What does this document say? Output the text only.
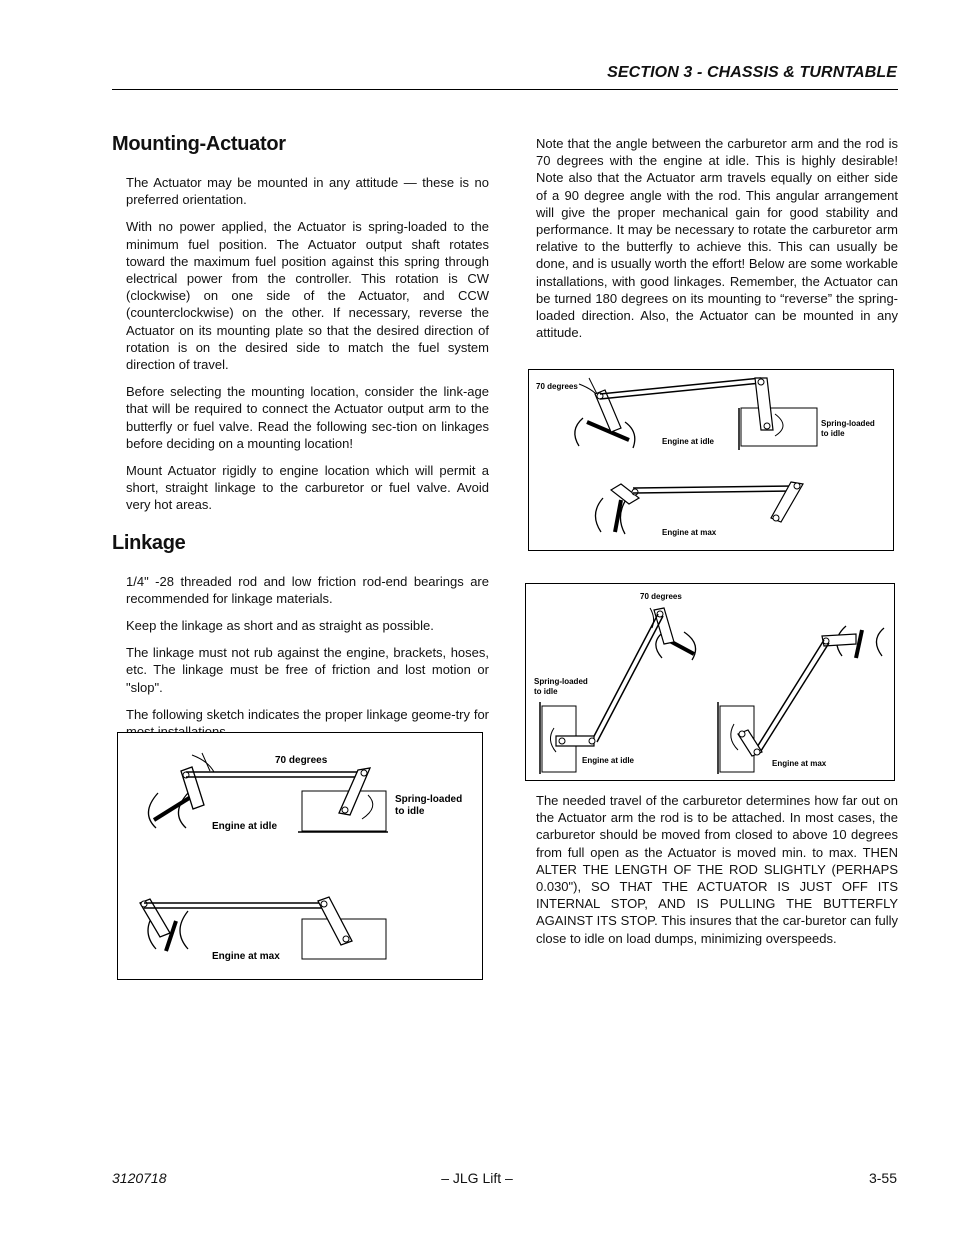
SECTION 3 - CHASSIS & TURNTABLE
Mounting-Actuator

The Actuator may be mounted in any attitude — these is no preferred orientation.

With no power applied, the Actuator is spring-loaded to the minimum fuel position. The Actuator output shaft rotates toward the maximum fuel position against this spring through electrical power from the controller. This rotation is CW (clockwise) on one side of the Actuator, and CCW (counterclockwise) on the other. If necessary, reverse the Actuator on its mounting plate so that the desired direction of rotation is on the desired side to match the fuel system direction of travel.

Before selecting the mounting location, consider the link-age that will be required to connect the Actuator output arm to the butterfly or fuel valve. Read the following sec-tion on linkages before deciding on a mounting location!

Mount Actuator rigidly to engine location which will permit a short, straight linkage to the carburetor or fuel valve. Avoid very hot areas.

Linkage

1/4" -28 threaded rod and low friction rod-end bearings are recommended for linkage materials.

Keep the linkage as short and as straight as possible.

The linkage must not rub against the engine, brackets, hoses, etc. The linkage must be free of friction and lost motion or "slop".

The following sketch indicates the proper linkage geome-try for

70 degrees
Spring-loaded
to idle
Engine at idle
Engine at max

Note that the angle between the carburetor arm and the rod is 70 degrees with the engine at idle. This is highly desirable! Note also that the Actuator arm travels equally on either side of a 90 degree angle with the rod. This angular arrangement will give the proper mechanical gain for good stability and performance. It may be necessary to rotate the carburetor arm relative to the butterfly to achieve this. This can usually be done, and is usually worth the effort! Below are some workable installations, with good linkages. Remember, the Actuator can be turned 180 degrees on its mounting to “reverse” the spring-loaded direction. Also, the Actuator can be mounted in any attitude.

70 degrees
Spring-loaded
to idle
Engine at idle
Engine at max
70 degrees
Spring-loaded
to idle
Engine at idle	Engine at max

The needed travel of the carburetor determines how far out on the Actuator arm the rod is to be attached. In most cases, the carburetor should be moved from closed to above 10 degrees from full open as the Actuator is moved min. to max. THEN ALTER THE LENGTH OF THE ROD SLIGHTLY (PERHAPS 0.030"), SO THAT THE ACTUATOR IS JUST OFF ITS INTERNAL STOP, AND IS PULLING THE BUTTERFLY AGAINST ITS STOP. This insures that the car-buretor can fully close to idle on load dumps, minimizing overspeeds.

3120718	– JLG Lift –	3-55
